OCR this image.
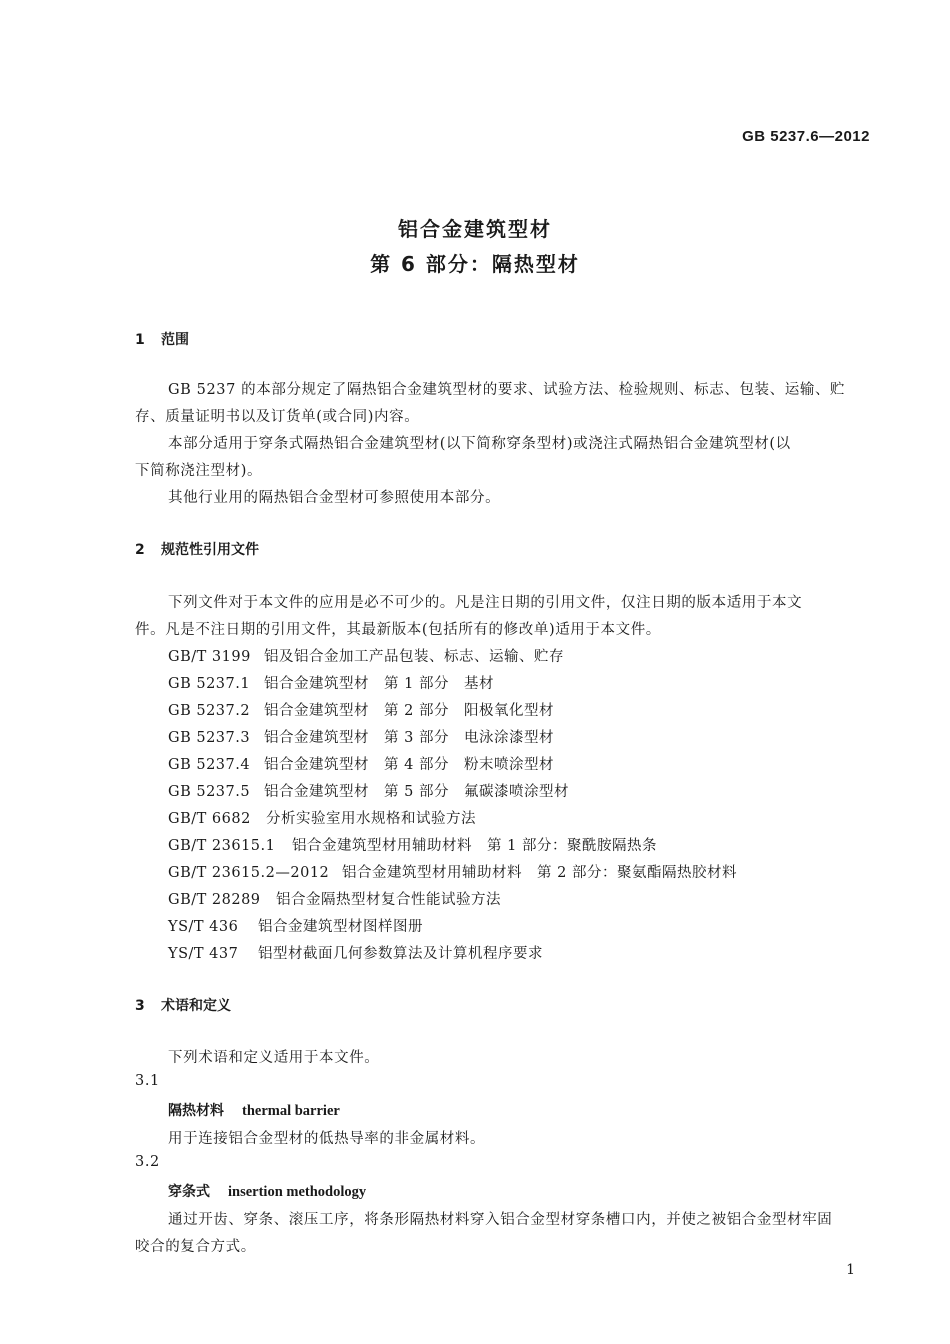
GB 5237.6—2012
铝合金建筑型材
第 6 部分：隔热型材
1 范围
GB 5237 的本部分规定了隔热铝合金建筑型材的要求、试验方法、检验规则、标志、包装、运输、贮
存、质量证明书以及订货单(或合同)内容。
本部分适用于穿条式隔热铝合金建筑型材(以下简称穿条型材)或浇注式隔热铝合金建筑型材(以
下简称浇注型材)。
其他行业用的隔热铝合金型材可参照使用本部分。
2 规范性引用文件
下列文件对于本文件的应用是必不可少的。凡是注日期的引用文件，仅注日期的版本适用于本文
件。凡是不注日期的引用文件，其最新版本(包括所有的修改单)适用于本文件。
GB/T 3199 铝及铝合金加工产品包装、标志、运输、贮存
GB 5237.1 铝合金建筑型材　第 1 部分　基材
GB 5237.2 铝合金建筑型材　第 2 部分　阳极氧化型材
GB 5237.3 铝合金建筑型材　第 3 部分　电泳涂漆型材
GB 5237.4 铝合金建筑型材　第 4 部分　粉末喷涂型材
GB 5237.5 铝合金建筑型材　第 5 部分　氟碳漆喷涂型材
GB/T 6682 分析实验室用水规格和试验方法
GB/T 23615.1 铝合金建筑型材用辅助材料　第 1 部分：聚酰胺隔热条
GB/T 23615.2—2012 铝合金建筑型材用辅助材料　第 2 部分：聚氨酯隔热胶材料
GB/T 28289 铝合金隔热型材复合性能试验方法
YS/T 436 铝合金建筑型材图样图册
YS/T 437 铝型材截面几何参数算法及计算机程序要求
3 术语和定义
下列术语和定义适用于本文件。
3.1
隔热材料 thermal barrier
用于连接铝合金型材的低热导率的非金属材料。
3.2
穿条式 insertion methodology
通过开齿、穿条、滚压工序，将条形隔热材料穿入铝合金型材穿条槽口内，并使之被铝合金型材牢固
咬合的复合方式。
1
